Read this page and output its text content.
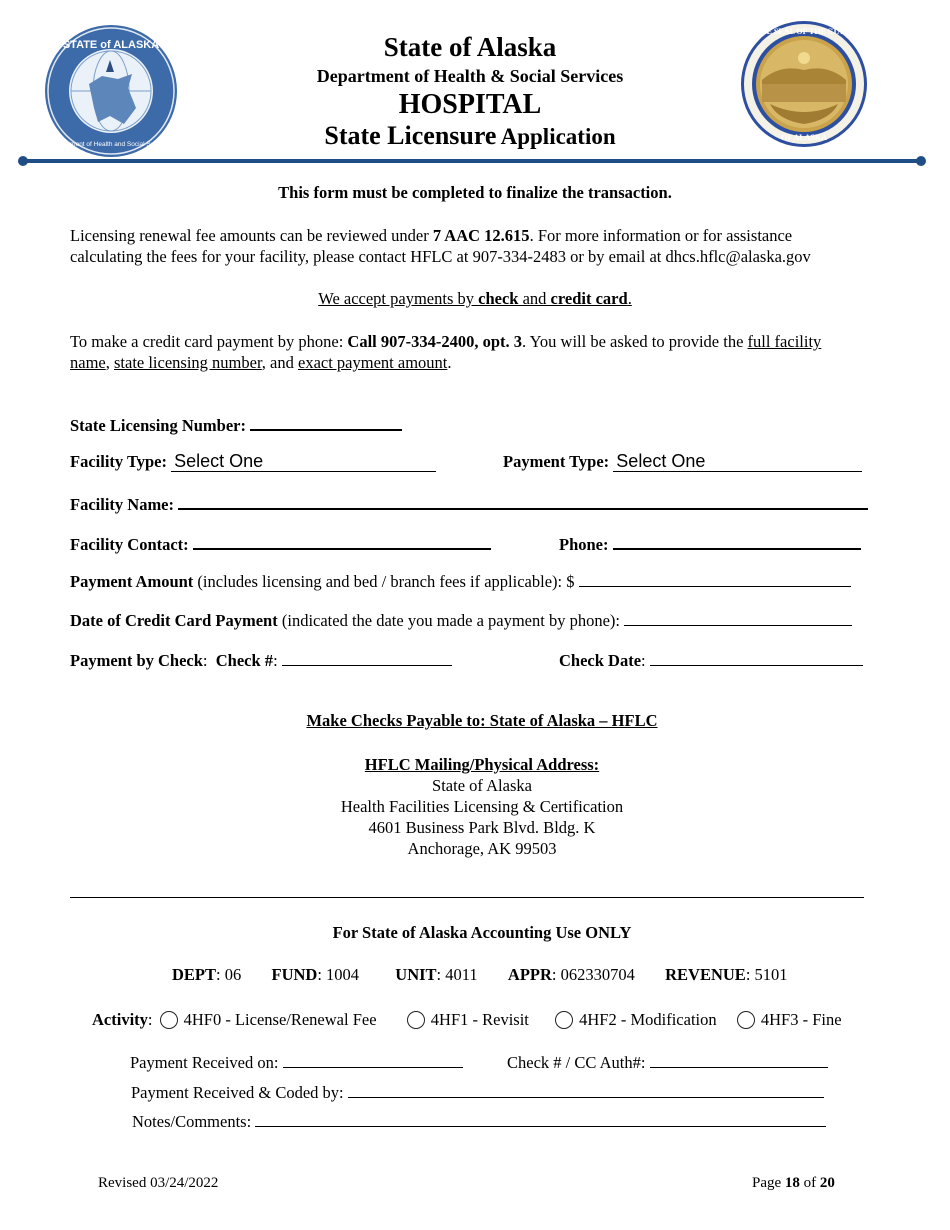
STATE of ALASKA
Department of Health and Social Services
State of Alaska
Department of Health & Social Services
HOSPITAL
State Licensure Application
THE SEAL OF THE STATE
OF ALASKA
This form must be completed to finalize the transaction.
Licensing renewal fee amounts can be reviewed under 7 AAC 12.615. For more information or for assistance
calculating the fees for your facility, please contact HFLC at 907-334-2483 or by email at dhcs.hflc@alaska.gov
We accept payments by check and credit card.
To make a credit card payment by phone: Call 907-334-2400, opt. 3. You will be asked to provide the full facility
name, state licensing number, and exact payment amount.
State Licensing Number:
Facility Type: Select One	Payment Type: Select One
Facility Name:
Facility Contact:	Phone:
Payment Amount (includes licensing and bed / branch fees if applicable): $
Date of Credit Card Payment (indicated the date you made a payment by phone):
Payment by Check: Check #:	Check Date:
Make Checks Payable to: State of Alaska – HFLC
HFLC Mailing/Physical Address:
State of Alaska
Health Facilities Licensing & Certification
4601 Business Park Blvd. Bldg. K
Anchorage, AK 99503
For State of Alaska Accounting Use ONLY
DEPT: 06 FUND: 1004 UNIT: 4011 APPR: 062330704 REVENUE: 5101
Activity: 4HF0 - License/Renewal Fee	4HF1 - Revisit	4HF2 - Modification	4HF3 - Fine
Payment Received on:	Check # / CC Auth#:
Payment Received & Coded by:
Notes/Comments:
Revised 03/24/2022	Page 18 of 20
